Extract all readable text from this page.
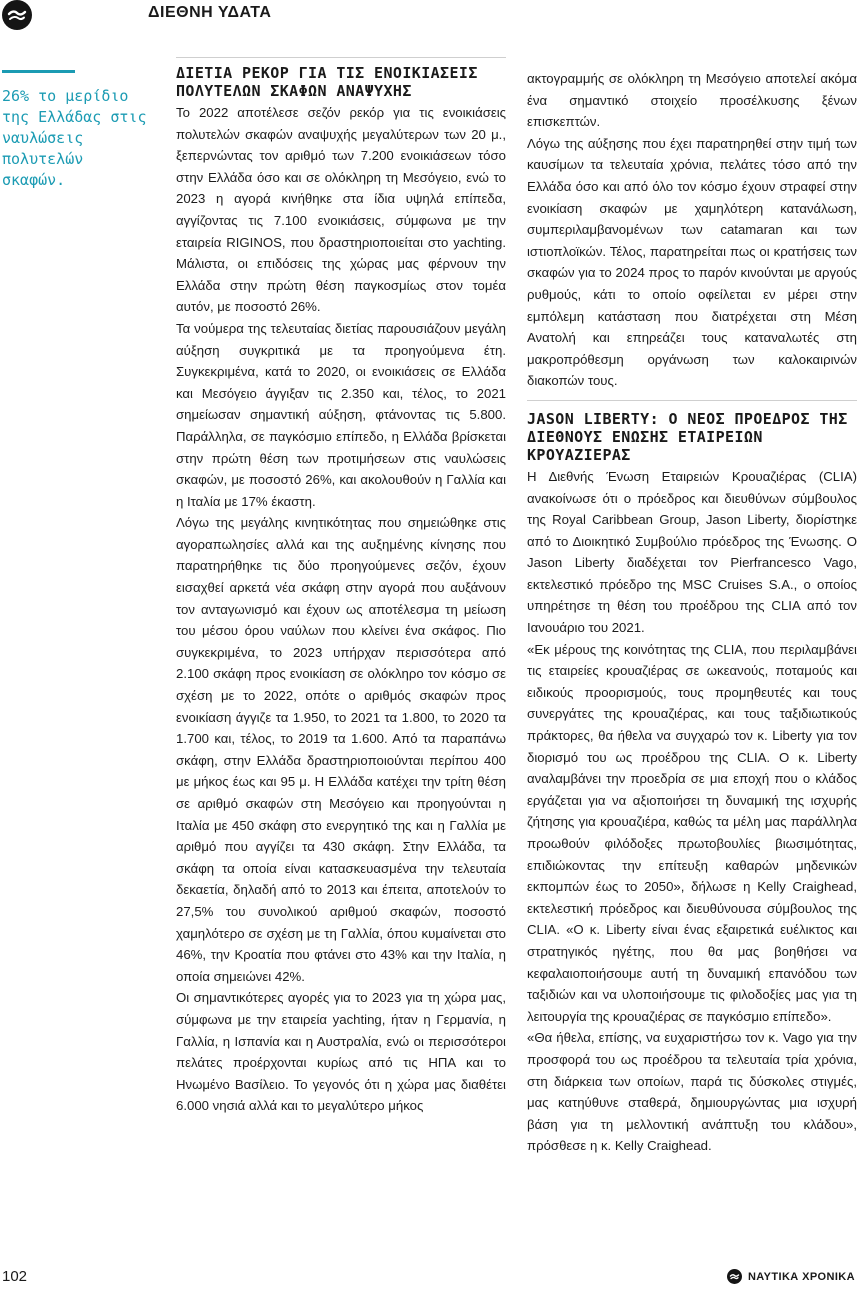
ΔΙΕΘΝΗ ΥΔΑΤΑ
26% το μερίδιο της Ελλάδας στις ναυλώσεις πολυτελών σκαφών.
ΔΙΕΤΙΑ ΡΕΚΟΡ ΓΙΑ ΤΙΣ ΕΝΟΙΚΙΑΣΕΙΣ ΠΟΛΥΤΕΛΩΝ ΣΚΑΦΩΝ ΑΝΑΨΥΧΗΣ

Το 2022 αποτέλεσε σεζόν ρεκόρ για τις ενοικιάσεις πολυτελών σκαφών αναψυχής μεγαλύτερων των 20 μ., ξεπερνώντας τον αριθμό των 7.200 ενοικιάσεων τόσο στην Ελλάδα όσο και σε ολόκληρη τη Μεσόγειο, ενώ το 2023 η αγορά κινήθηκε στα ίδια υψηλά επίπεδα, αγγίζοντας τις 7.100 ενοικιάσεις, σύμφωνα με την εταιρεία RIGINOS, που δραστηριοποιείται στο yachting. Μάλιστα, οι επιδόσεις της χώρας μας φέρνουν την Ελλάδα στην πρώτη θέση παγκοσμίως στον τομέα αυτόν, με ποσοστό 26%.

Τα νούμερα της τελευταίας διετίας παρουσιάζουν μεγάλη αύξηση συγκριτικά με τα προηγούμενα έτη. Συγκεκριμένα, κατά το 2020, οι ενοικιάσεις σε Ελλάδα και Μεσόγειο άγγιξαν τις 2.350 και, τέλος, το 2021 σημείωσαν σημαντική αύξηση, φτάνοντας τις 5.800. Παράλληλα, σε παγκόσμιο επίπεδο, η Ελλάδα βρίσκεται στην πρώτη θέση των προτιμήσεων στις ναυλώσεις σκαφών, με ποσοστό 26%, και ακολουθούν η Γαλλία και η Ιταλία με 17% έκαστη.

Λόγω της μεγάλης κινητικότητας που σημειώθηκε στις αγοραπωλησίες αλλά και της αυξημένης κίνησης που παρατηρήθηκε τις δύο προηγούμενες σεζόν, έχουν εισαχθεί αρκετά νέα σκάφη στην αγορά που αυξάνουν τον ανταγωνισμό και έχουν ως αποτέλεσμα τη μείωση του μέσου όρου ναύλων που κλείνει ένα σκάφος. Πιο συγκεκριμένα, το 2023 υπήρχαν περισσότερα από 2.100 σκάφη προς ενοικίαση σε ολόκληρο τον κόσμο σε σχέση με το 2022, οπότε ο αριθμός σκαφών προς ενοικίαση άγγιζε τα 1.950, το 2021 τα 1.800, το 2020 τα 1.700 και, τέλος, το 2019 τα 1.600. Από τα παραπάνω σκάφη, στην Ελλάδα δραστηριοποιούνται περίπου 400 με μήκος έως και 95 μ. Η Ελλάδα κατέχει την τρίτη θέση σε αριθμό σκαφών στη Μεσόγειο και προηγούνται η Ιταλία με 450 σκάφη στο ενεργητικό της και η Γαλλία με αριθμό που αγγίζει τα 430 σκάφη. Στην Ελλάδα, τα σκάφη τα οποία είναι κατασκευασμένα την τελευταία δεκαετία, δηλαδή από το 2013 και έπειτα, αποτελούν το 27,5% του συνολικού αριθμού σκαφών, ποσοστό χαμηλότερο σε σχέση με τη Γαλλία, όπου κυμαίνεται στο 46%, την Κροατία που φτάνει στο 43% και την Ιταλία, η οποία σημειώνει 42%.

Οι σημαντικότερες αγορές για το 2023 για τη χώρα μας, σύμφωνα με την εταιρεία yachting, ήταν η Γερμανία, η Γαλλία, η Ισπανία και η Αυστραλία, ενώ οι περισσότεροι πελάτες προέρχονται κυρίως από τις ΗΠΑ και το Ηνωμένο Βασίλειο. Το γεγονός ότι η χώρα μας διαθέτει 6.000 νησιά αλλά και το μεγαλύτερο μήκος

ακτογραμμής σε ολόκληρη τη Μεσόγειο αποτελεί ακόμα ένα σημαντικό στοιχείο προσέλκυσης ξένων επισκεπτών.

Λόγω της αύξησης που έχει παρατηρηθεί στην τιμή των καυσίμων τα τελευταία χρόνια, πελάτες τόσο από την Ελλάδα όσο και από όλο τον κόσμο έχουν στραφεί στην ενοικίαση σκαφών με χαμηλότερη κατανάλωση, συμπεριλαμβανομένων των catamaran και των ιστιοπλοϊκών. Τέλος, παρατηρείται πως οι κρατήσεις των σκαφών για το 2024 προς το παρόν κινούνται με αργούς ρυθμούς, κάτι το οποίο οφείλεται εν μέρει στην εμπόλεμη κατάσταση που διατρέχεται στη Μέση Ανατολή και επηρεάζει τους καταναλωτές στη μακροπρόθεσμη οργάνωση των καλοκαιρινών διακοπών τους.

JASON LIBERTY: Ο ΝΕΟΣ ΠΡΟΕΔΡΟΣ ΤΗΣ ΔΙΕΘΝΟΥΣ ΕΝΩΣΗΣ ΕΤΑΙΡΕΙΩΝ ΚΡΟΥΑΖΙΕΡΑΣ

Η Διεθνής Ένωση Εταιρειών Κρουαζιέρας (CLIA) ανακοίνωσε ότι ο πρόεδρος και διευθύνων σύμβουλος της Royal Caribbean Group, Jason Liberty, διορίστηκε από το Διοικητικό Συμβούλιο πρόεδρος της Ένωσης. Ο Jason Liberty διαδέχεται τον Pierfrancesco Vago, εκτελεστικό πρόεδρο της MSC Cruises S.A., ο οποίος υπηρέτησε τη θέση του προέδρου της CLIA από τον Ιανουάριο του 2021.

«Εκ μέρους της κοινότητας της CLIA, που περιλαμβάνει τις εταιρείες κρουαζιέρας σε ωκεανούς, ποταμούς και ειδικούς προορισμούς, τους προμηθευτές και τους συνεργάτες της κρουαζιέρας, και τους ταξιδιωτικούς πράκτορες, θα ήθελα να συγχαρώ τον κ. Liberty για τον διορισμό του ως προέδρου της CLIA. Ο κ. Liberty αναλαμβάνει την προεδρία σε μια εποχή που ο κλάδος εργάζεται για να αξιοποιήσει τη δυναμική της ισχυρής ζήτησης για κρουαζιέρα, καθώς τα μέλη μας παράλληλα προωθούν φιλόδοξες πρωτοβουλίες βιωσιμότητας, επιδιώκοντας την επίτευξη καθαρών μηδενικών εκπομπών έως το 2050», δήλωσε η Kelly Craighead, εκτελεστική πρόεδρος και διευθύνουσα σύμβουλος της CLIA. «Ο κ. Liberty είναι ένας εξαιρετικά ευέλικτος και στρατηγικός ηγέτης, που θα μας βοηθήσει να κεφαλαιοποιήσουμε αυτή τη δυναμική επανόδου των ταξιδιών και να υλοποιήσουμε τις φιλοδοξίες μας για τη λειτουργία της κρουαζιέρας σε παγκόσμιο επίπεδο».

«Θα ήθελα, επίσης, να ευχαριστήσω τον κ. Vago για την προσφορά του ως προέδρου τα τελευταία τρία χρόνια, στη διάρκεια των οποίων, παρά τις δύσκολες στιγμές, μας κατηύθυνε σταθερά, δημιουργώντας μια ισχυρή βάση για τη μελλοντική ανάπτυξη του κλάδου», πρόσθεσε η κ. Kelly Craighead.

102	ΝΑΥΤΙΚΑ ΧΡΟΝΙΚΑ
